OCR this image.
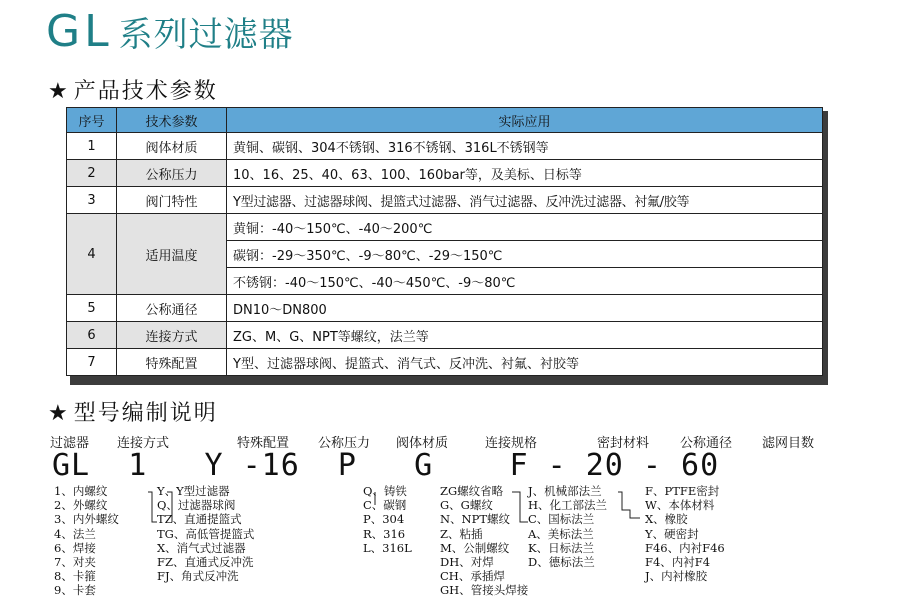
GL 系列过滤器
★ 产品技术参数
序号	技术参数	实际应用
1	阀体材质	黄铜、碳钢、304不锈钢、316不锈钢、316L不锈钢等
2	公称压力	10、16、25、40、63、100、160bar等，及美标、日标等
3	阀门特性	Y型过滤器、过滤器球阀、提篮式过滤器、消气过滤器、反冲洗过滤器、衬氟/胶等
4	适用温度	黄铜：-40～150℃、-40～200℃
		碳钢：-29～350℃、-9～80℃、-29～150℃
		不锈钢：-40～150℃、-40～450℃、-9～80℃
5	公称通径	DN10～DN800
6	连接方式	ZG、M、G、NPT等螺纹，法兰等
7	特殊配置	Y型、过滤器球阀、提篮式、消气式、反冲洗、衬氟、衬胶等
★ 型号编制说明
过滤器 连接方式	特殊配置 公称压力 阀体材质	连接规格	密封材料 公称通径 滤网目数
GL  1   Y -16  P   G    F - 20 - 60
1、内螺纹
2、外螺纹
3、内外螺纹
4、法兰
6、焊接
7、对夹
8、卡箍
9、卡套
Y、Y型过滤器
Q、过滤器球阀
TZ、直通提篮式
TG、高低管提篮式
X、消气式过滤器
FZ、直通式反冲洗
FJ、角式反冲洗
Q、铸铁
C、碳钢
P、304
R、316
L、316L
ZG螺纹省略
G、G螺纹
N、NPT螺纹
Z、粘插
M、公制螺纹
DH、对焊
CH、承插焊
GH、管接头焊接
J、机械部法兰
H、化工部法兰
C、国标法兰
A、美标法兰
K、日标法兰
D、德标法兰
F、PTFE密封
W、本体材料
X、橡胶
Y、硬密封
F46、内衬F46
F4、内衬F4
J、内衬橡胶
